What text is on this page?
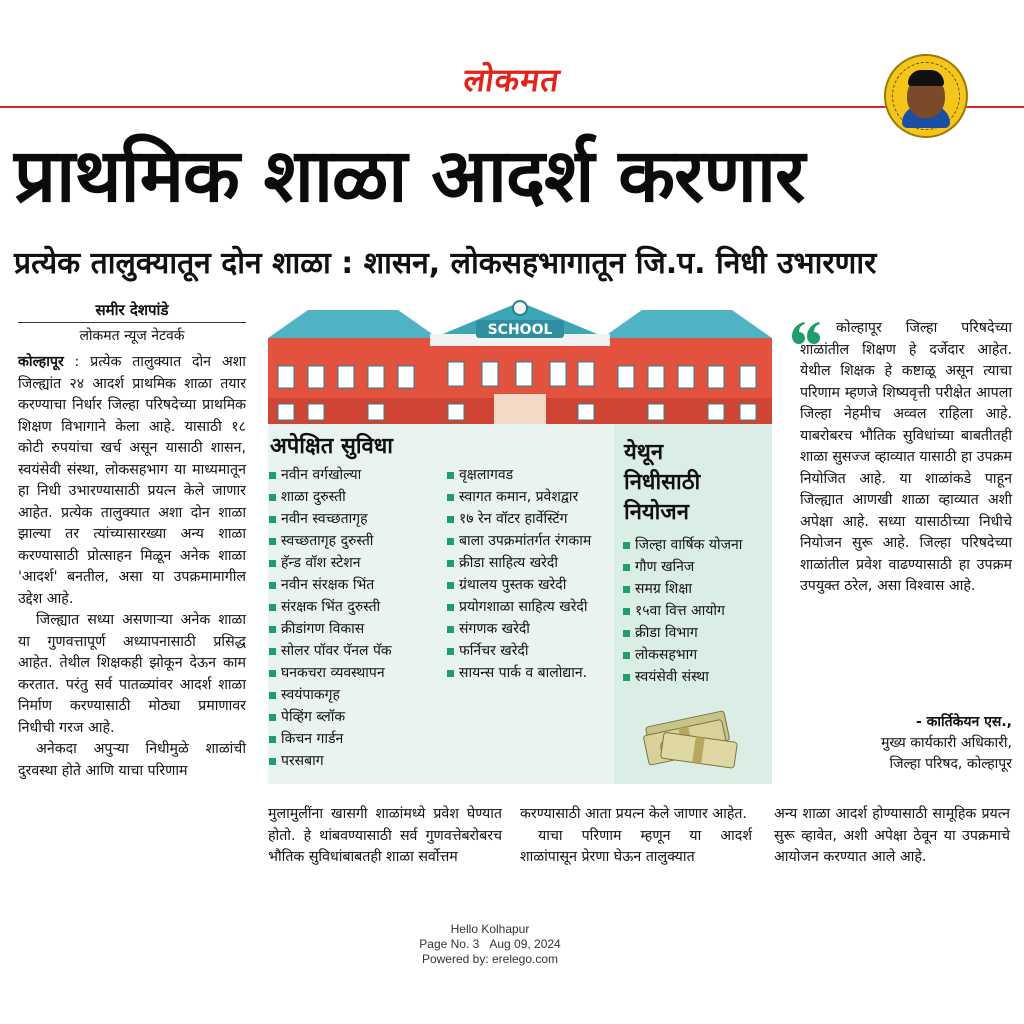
लोकमत
प्राथमिक शाळा आदर्श करणार
प्रत्येक तालुक्यातून दोन शाळा : शासन, लोकसहभागातून जि.प. निधी उभारणार
समीर देशपांडे
लोकमत न्यूज नेटवर्क

कोल्हापूर : प्रत्येक तालुक्यात दोन अशा जिल्ह्यांत २४ आदर्श प्राथमिक शाळा तयार करण्याचा निर्धार जिल्हा परिषदेच्या प्राथमिक शिक्षण विभागाने केला आहे. यासाठी १८ कोटी रुपयांचा खर्च असून यासाठी शासन, स्वयंसेवी संस्था, लोकसहभाग या माध्यमातून हा निधी उभारण्यासाठी प्रयत्न केले जाणार आहेत. प्रत्येक तालुक्यात अशा दोन शाळा झाल्या तर त्यांच्यासारख्या अन्य शाळा करण्यासाठी प्रोत्साहन मिळून अनेक शाळा 'आदर्श' बनतील, असा या उपक्रमामागील उद्देश आहे.

जिल्ह्यात सध्या असणाऱ्या अनेक शाळा या गुणवत्तापूर्ण अध्यापनासाठी प्रसिद्ध आहेत. तेथील शिक्षकही झोकून देऊन काम करतात. परंतु सर्व पातळ्यांवर आदर्श शाळा निर्माण करण्यासाठी मोठ्या प्रमाणावर निधीची गरज आहे.

अनेकदा अपुऱ्या निधीमुळे शाळांची दुरवस्था होते आणि याचा परिणाम

SCHOOL
अपेक्षित सुविधा
नवीन वर्गखोल्या
शाळा दुरुस्ती
नवीन स्वच्छतागृह
स्वच्छतागृह दुरुस्ती
हॅन्ड वॉश स्टेशन
नवीन संरक्षक भिंत
संरक्षक भिंत दुरुस्ती
क्रीडांगण विकास
सोलर पॉवर पॅनल पॅक
घनकचरा व्यवस्थापन
स्वयंपाकगृह
पेव्हिंग ब्लॉक
किचन गार्डन
परसबाग
वृक्षलागवड
स्वागत कमान, प्रवेशद्वार
१७ रेन वॉटर हार्वेस्टिंग
बाला उपक्रमांतर्गत रंगकाम
क्रीडा साहित्य खरेदी
ग्रंथालय पुस्तक खरेदी
प्रयोगशाळा साहित्य खरेदी
संगणक खरेदी
फर्निचर खरेदी
सायन्स पार्क व बालोद्यान.
येथून
निधीसाठी
नियोजन
जिल्हा वार्षिक योजना
गौण खनिज
समग्र शिक्षा
१५वा वित्त आयोग
क्रीडा विभाग
लोकसहभाग
स्वयंसेवी संस्था
कोल्हापूर जिल्हा परिषदेच्या शाळांतील शिक्षण हे दर्जेदार आहेत. येथील शिक्षक हे कष्टाळू असून त्याचा परिणाम म्हणजे शिष्यवृत्ती परीक्षेत आपला जिल्हा नेहमीच अव्वल राहिला आहे. याबरोबरच भौतिक सुविधांच्या बाबतीतही शाळा सुसज्ज व्हाव्यात यासाठी हा उपक्रम नियोजित आहे. या शाळांकडे पाहून जिल्ह्यात आणखी शाळा व्हाव्यात अशी अपेक्षा आहे. सध्या यासाठीच्या निधीचे नियोजन सुरू आहे. जिल्हा परिषदेच्या शाळांतील प्रवेश वाढण्यासाठी हा उपक्रम उपयुक्त ठरेल, असा विश्वास आहे.
- कार्तिकेयन एस.,
मुख्य कार्यकारी अधिकारी,
जिल्हा परिषद, कोल्हापूर
मुलामुलींना खासगी शाळांमध्ये प्रवेश घेण्यात होतो. हे थांबवण्यासाठी सर्व गुणवत्तेबरोबरच भौतिक सुविधांबाबतही शाळा सर्वोत्तम
करण्यासाठी आता प्रयत्न केले जाणार आहेत.
याचा परिणाम म्हणून या आदर्श शाळांपासून प्रेरणा घेऊन तालुक्यात
अन्य शाळा आदर्श होण्यासाठी सामूहिक प्रयत्न सुरू व्हावेत, अशी अपेक्षा ठेवून या उपक्रमाचे आयोजन करण्यात आले आहे.
Hello Kolhapur
Page No. 3 Aug 09, 2024
Powered by: erelego.com
